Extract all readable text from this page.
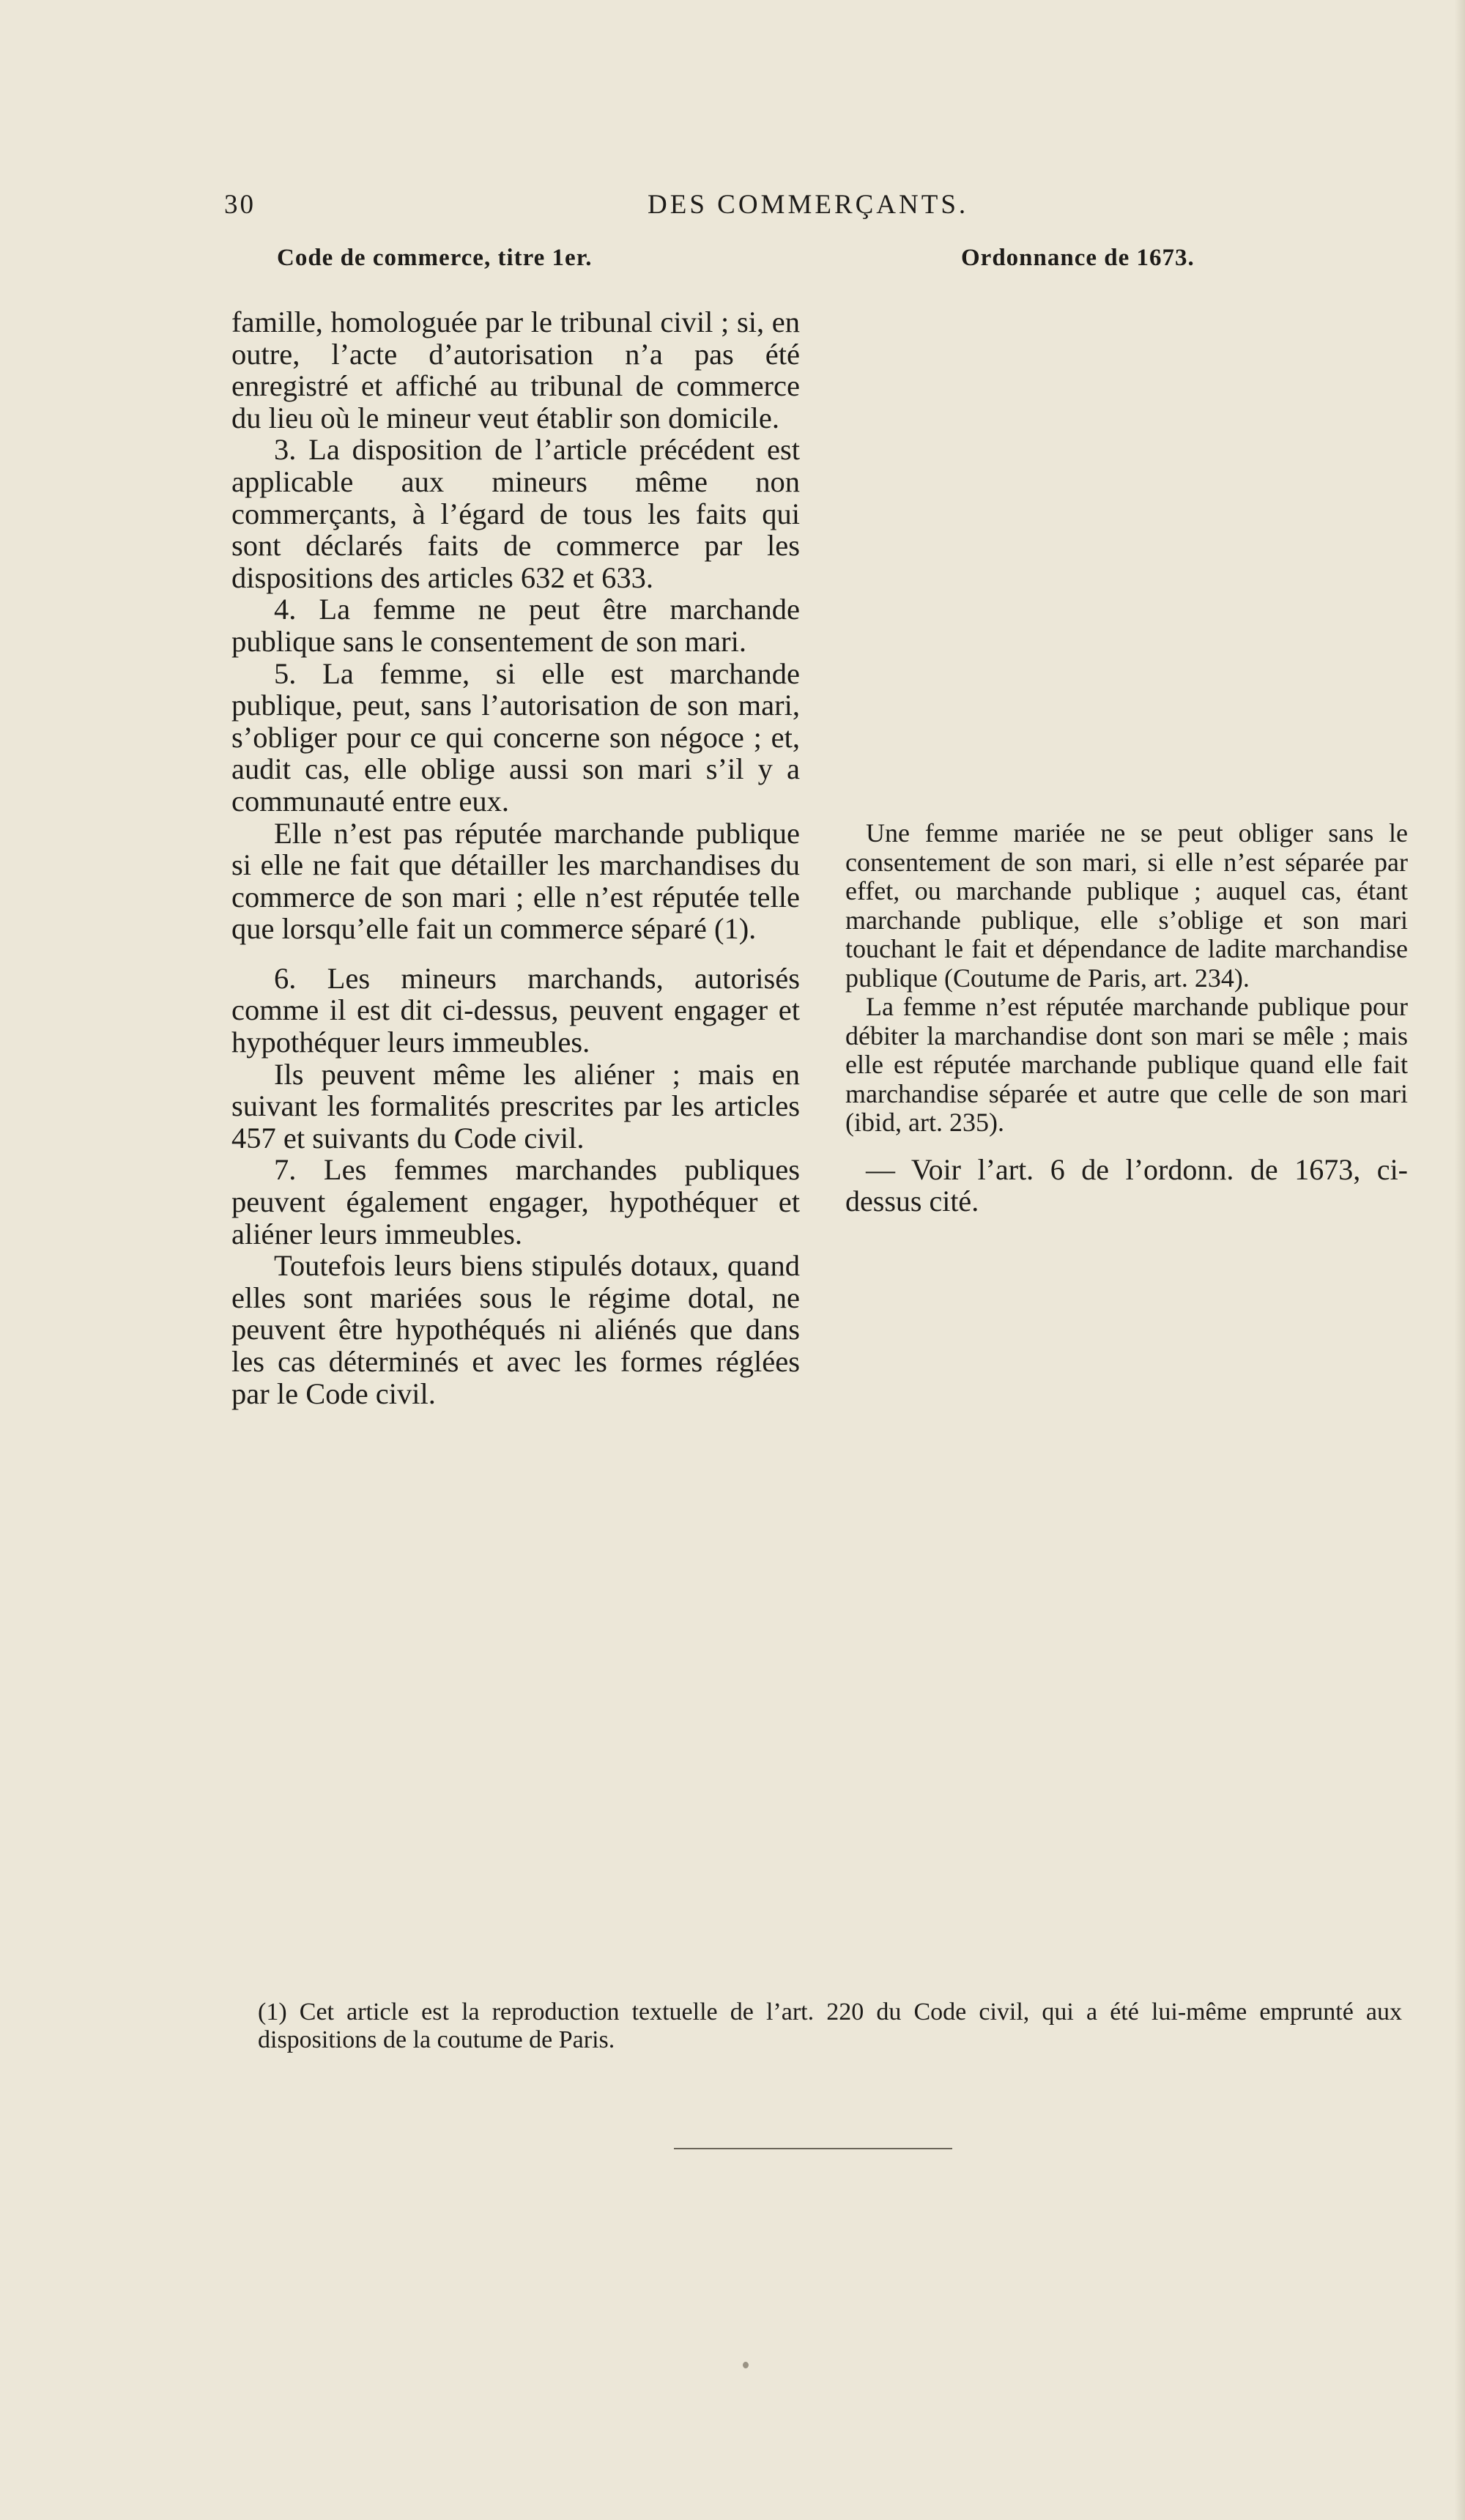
30	DES COMMERÇANTS.
Code de commerce, titre 1er.	Ordonnance de 1673.

famille, homologuée par le tribunal civil ; si, en outre, l’acte d’autorisation n’a pas été enregistré et affiché au tribunal de commerce du lieu où le mineur veut établir son domicile.

3. La disposition de l’article précédent est applicable aux mineurs même non commerçants, à l’égard de tous les faits qui sont déclarés faits de commerce par les dispositions des articles 632 et 633.

4. La femme ne peut être marchande publique sans le consentement de son mari.

5. La femme, si elle est marchande publique, peut, sans l’autorisation de son mari, s’obliger pour ce qui concerne son négoce ; et, audit cas, elle oblige aussi son mari s’il y a communauté entre eux.

Elle n’est pas réputée marchande publique si elle ne fait que détailler les marchandises du commerce de son mari ; elle n’est réputée telle que lorsqu’elle fait un commerce séparé (1).

6. Les mineurs marchands, autorisés comme il est dit ci-dessus, peuvent engager et hypothéquer leurs immeubles.

Ils peuvent même les aliéner ; mais en suivant les formalités prescrites par les articles 457 et suivants du Code civil.

7. Les femmes marchandes publiques peuvent également engager, hypothéquer et aliéner leurs immeubles.

Toutefois leurs biens stipulés dotaux, quand elles sont mariées sous le régime dotal, ne peuvent être hypothéqués ni aliénés que dans les cas déterminés et avec les formes réglées par le Code civil.

Une femme mariée ne se peut obliger sans le consentement de son mari, si elle n’est séparée par effet, ou marchande publique ; auquel cas, étant marchande publique, elle s’oblige et son mari touchant le fait et dépendance de ladite marchandise publique (Coutume de Paris, art. 234).

La femme n’est réputée marchande publique pour débiter la marchandise dont son mari se mêle ; mais elle est réputée marchande publique quand elle fait marchandise séparée et autre que celle de son mari (ibid, art. 235).

— Voir l’art. 6 de l’ordonn. de 1673, ci-dessus cité.

(1) Cet article est la reproduction textuelle de l’art. 220 du Code civil, qui a été lui-même emprunté aux dispositions de la coutume de Paris.
